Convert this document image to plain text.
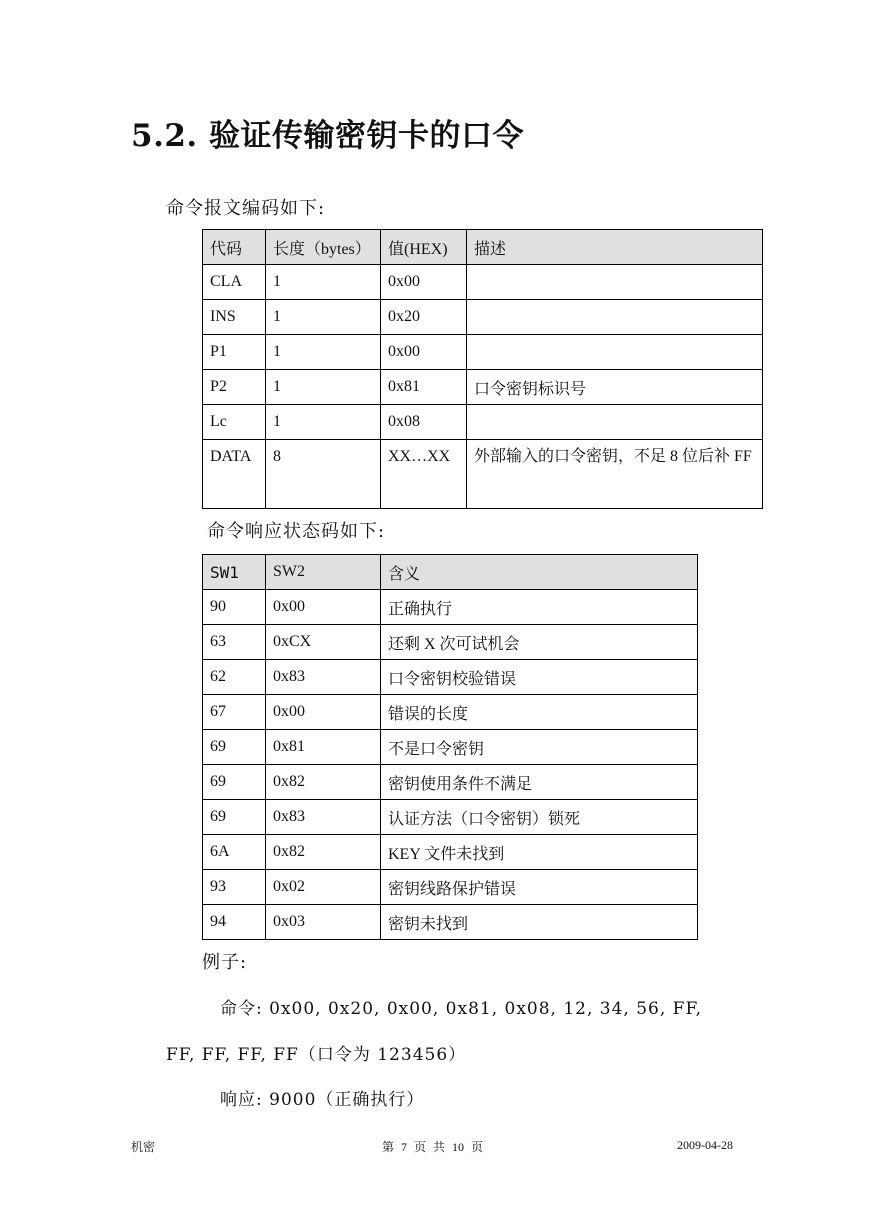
5.2. 验证传输密钥卡的口令
命令报文编码如下:
代码	长度（bytes）	值(HEX)	描述
CLA	1	0x00	
INS	1	0x20	
P1	1	0x00	
P2	1	0x81	口令密钥标识号
Lc	1	0x08	
DATA	8	XX…XX	外部输入的口令密钥，不足 8 位后补 FF
命令响应状态码如下:
SW1	SW2	含义
90	0x00	正确执行
63	0xCX	还剩 X 次可试机会
62	0x83	口令密钥校验错误
67	0x00	错误的长度
69	0x81	不是口令密钥
69	0x82	密钥使用条件不满足
69	0x83	认证方法（口令密钥）锁死
6A	0x82	KEY 文件未找到
93	0x02	密钥线路保护错误
94	0x03	密钥未找到
例子:
命令: 0x00, 0x20, 0x00, 0x81, 0x08, 12, 34, 56, FF,
FF, FF, FF, FF（口令为 123456）
响应: 9000（正确执行）
机密	第 7 页 共 10 页	2009-04-28
